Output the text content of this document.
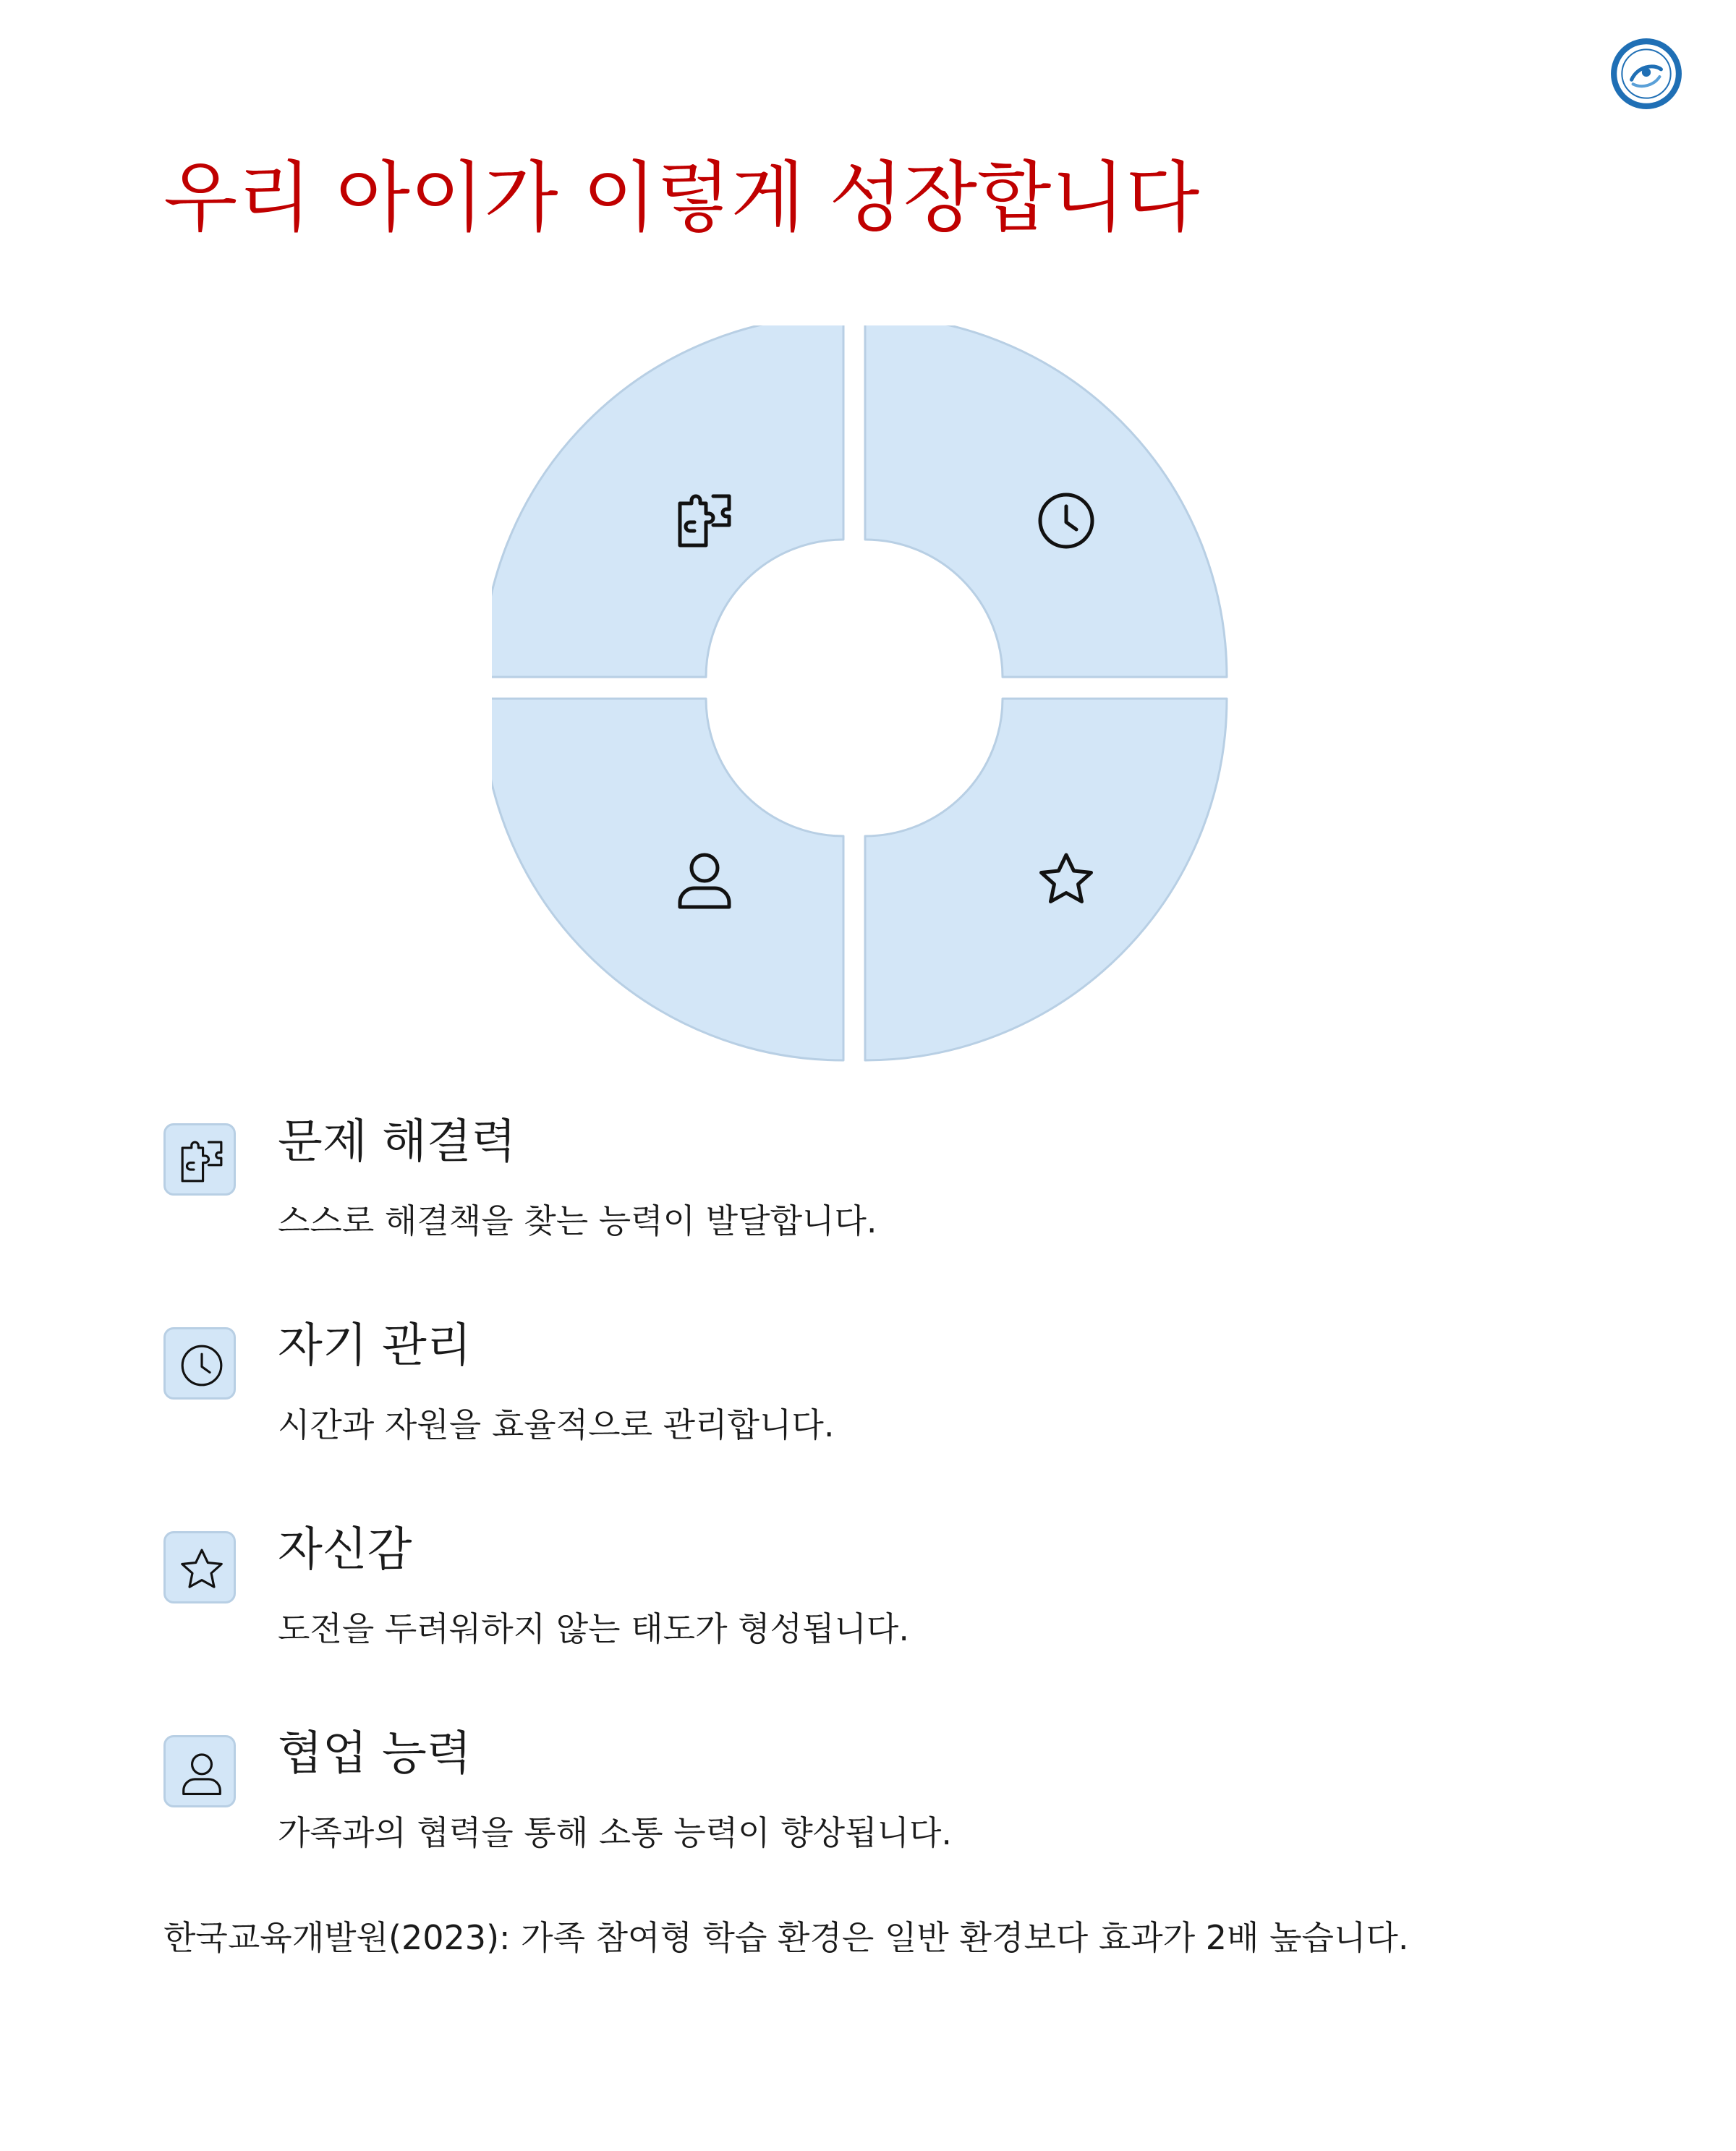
우리 아이가 이렇게 성장합니다
문제 해결력

스스로 해결책을 찾는 능력이 발달합니다.

자기 관리

시간과 자원을 효율적으로 관리합니다.

자신감

도전을 두려워하지 않는 태도가 형성됩니다.

협업 능력

가족과의 협력을 통해 소통 능력이 향상됩니다.

한국교육개발원(2023): 가족 참여형 학습 환경은 일반 환경보다 효과가 2배 높습니다.
